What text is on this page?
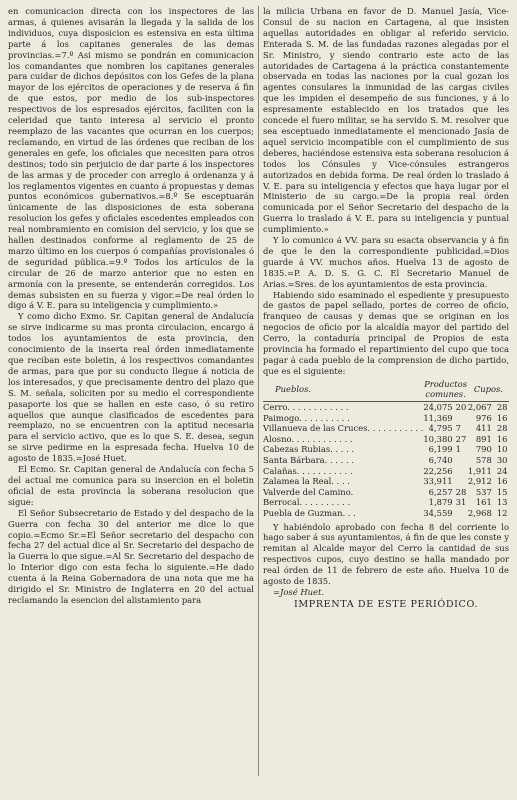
en comunicacion directa con los inspectores de las armas, á quienes avisarán la llegada y la salida de los individuos, cuya disposicion es estensiva en esta última parte á los capitanes generales de las demas provincias.=7.º Asi mismo se pondrán en comunicacion los comandantes que nombren los capitanes generales para cuidar de dichos depósitos con los Gefes de la plana mayor de los ejércitos de operaciones y de reserva á fin de que estos, por medio de los sub-inspectores respectivos de los espresados ejércitos, faciliten con la celeridad que tanto interesa al servicio el pronto reemplazo de las vacantes que ocurran en los cuerpos; reclamando, en virtud de las órdenes que reciban de los generales en gefe, los oficiales que necesiten para otros destinos; todo sin perjuicio de dar parte á los inspectores de las armas y de proceder con arreglo á ordenanza y á los reglamentos vigentes en cuanto á propuestas y demas puntos económicos gubernativos.=8.º Se esceptuarán únicamente de las disposiciones de esta soberana resolucion los gefes y oficiales escedentes empleados con real nombramiento en comision del servicio, y los que se hallen destinados conforme al reglamento de 25 de marzo último en los cuerpos ó compañías provisionales ó de seguridad pública.=9.º Todos los artículos de la circular de 26 de marzo anterior que no esten en armonía con la presente, se entenderán corregidos. Los demas subsisten en su fuerza y vigor.=De real órden lo digo á V. E. para su inteligencia y cumplimiento.»

Y como dicho Exmo. Sr. Capitan general de Andalucía se sirve indicarme su mas pronta circulacion, encargo á todos los ayuntamientos de esta provincia, den conocimiento de la inserta real órden inmediatamente que reciban este boletin, á los respectivos comandantes de armas, para que por su conducto llegue á noticia de los interesados, y que precisamente dentro del plazo que S. M. señala, soliciten por su medio el correspondiente pasaporte los que se hallen en este caso, ó su retiro aquellos que aunque clasificados de escedentes para reemplazo, no se encuentren con la aptitud necesaria para el servicio activo, que es lo que S. E. desea, segun se sirve pedirme en la espresada fecha. Huelva 10 de agosto de 1835.=José Huet.

El Ecmo. Sr. Capitan general de Andalucía con fecha 5 del actual me comunica para su insercion en el boletin oficial de esta provincia la soberana resolucion que sigue:

El Señor Subsecretario de Estado y del despacho de la Guerra con fecha 30 del anterior me dice lo que copio.=Ecmo Sr.=El Señor secretario del despacho con fecha 27 del actual dice al Sr. Secretario del despacho de la Guerra lo que sigue.=Al Sr. Secretario del despacho de lo Interior digo con esta fecha lo siguiente.=He dado cuenta á la Reina Gobernadora de una nota que me ha dirigido el Sr. Ministro de Inglaterra en 20 del actual reclamando la esencion del alistamiento para

la milicia Urbana en favor de D. Manuel Jasía, Vice-Consul de su nacion en Cartagena, al que insisten aquellas autoridades en obligar al referido servicio. Enterada S. M. de las fundadas razones alegadas por el Sr. Ministro, y siendo contrario este acto de las autoridades de Cartagena á la práctica constantemente observada en todas las naciones por la cual gozan los agentes consulares la inmunidad de las cargas civiles que les impiden el desempeño de sus funciones, y á lo espresamente establecido en los tratados que les concede el fuero militar, se ha servido S. M. resolver que sea esceptuado inmediatamente el mencionado Jasía de aquel servicio incompatible con el cumplimiento de sus deberes, haciéndose estensiva esta soberana resolucion á todos los Cónsules y Vice-cónsules estrangeros autorizados en debida forma. De real órden lo traslado á V. E. para su inteligencia y efectos que haya lugar por el Ministerio de su cargo.=De la propia real órden comunicada por el Señor Secretario del despacho de la Guerra lo traslado á V. E. para su inteligencia y puntual cumplimiento.»

Y lo comunico á VV. para su esacta observancia y á fin de que le den la correspondiente publicidad.=Dios guarde á VV. muchos años. Huelva 13 de agosto de 1835.=P. A. D. S. G. C. El Secretario Manuel de Arias.=Sres. de los ayuntamientos de esta provincia.

Habiendo sido esaminado el espediente y presupuesto de gastos de papel sellado, portes de correo de oficio, franqueo de causas y demas que se originan en los negocios de oficio por la alcaldía mayor del partido del Cerro, la contaduría principal de Propios de esta provincia ha formado el repartimiento del cupo que toca pagar á cada pueblo de la comprension de dicho partido, que es el siguiente:

Pueblos.	Productos comunes.		Cupos.	
Cerro. . . . . . . . . . . .	24,075	20	2,067	28
Paimogo. . . . . . . . . .	11,369		976	16
Villanueva de las Cruces. . . . . . . . . . .	4,795	7	411	28
Alosno. . . . . . . . . . . .	10,380	27	891	16
Cabezas Rubias. . . . .	6,199	1	790	10
Santa Bárbara. . . . . .	6,740		578	30
Calañas. . . . . . . . . . .	22,256		1,911	24
Zalamea la Real. . . .	33,911		2,912	16
Valverde del Camino.	6,257	28	537	15
Berrocal. . . . . . . . . .	1,879	31	161	13
Puebla de Guzman. . .	34,559		2,968	12

Y habiéndolo aprobado con fecha 8 del corriente lo hago saber á sus ayuntamientos, á fin de que les conste y remitan al Alcalde mayor del Cerro la cantidad de sus respectivos cupos, cuyo destino se halla mandado por real órden de 11 de febrero de este año. Huelva 10 de agosto de 1835.

=José Huet.

IMPRENTA DE ESTE PERIÓDICO.
